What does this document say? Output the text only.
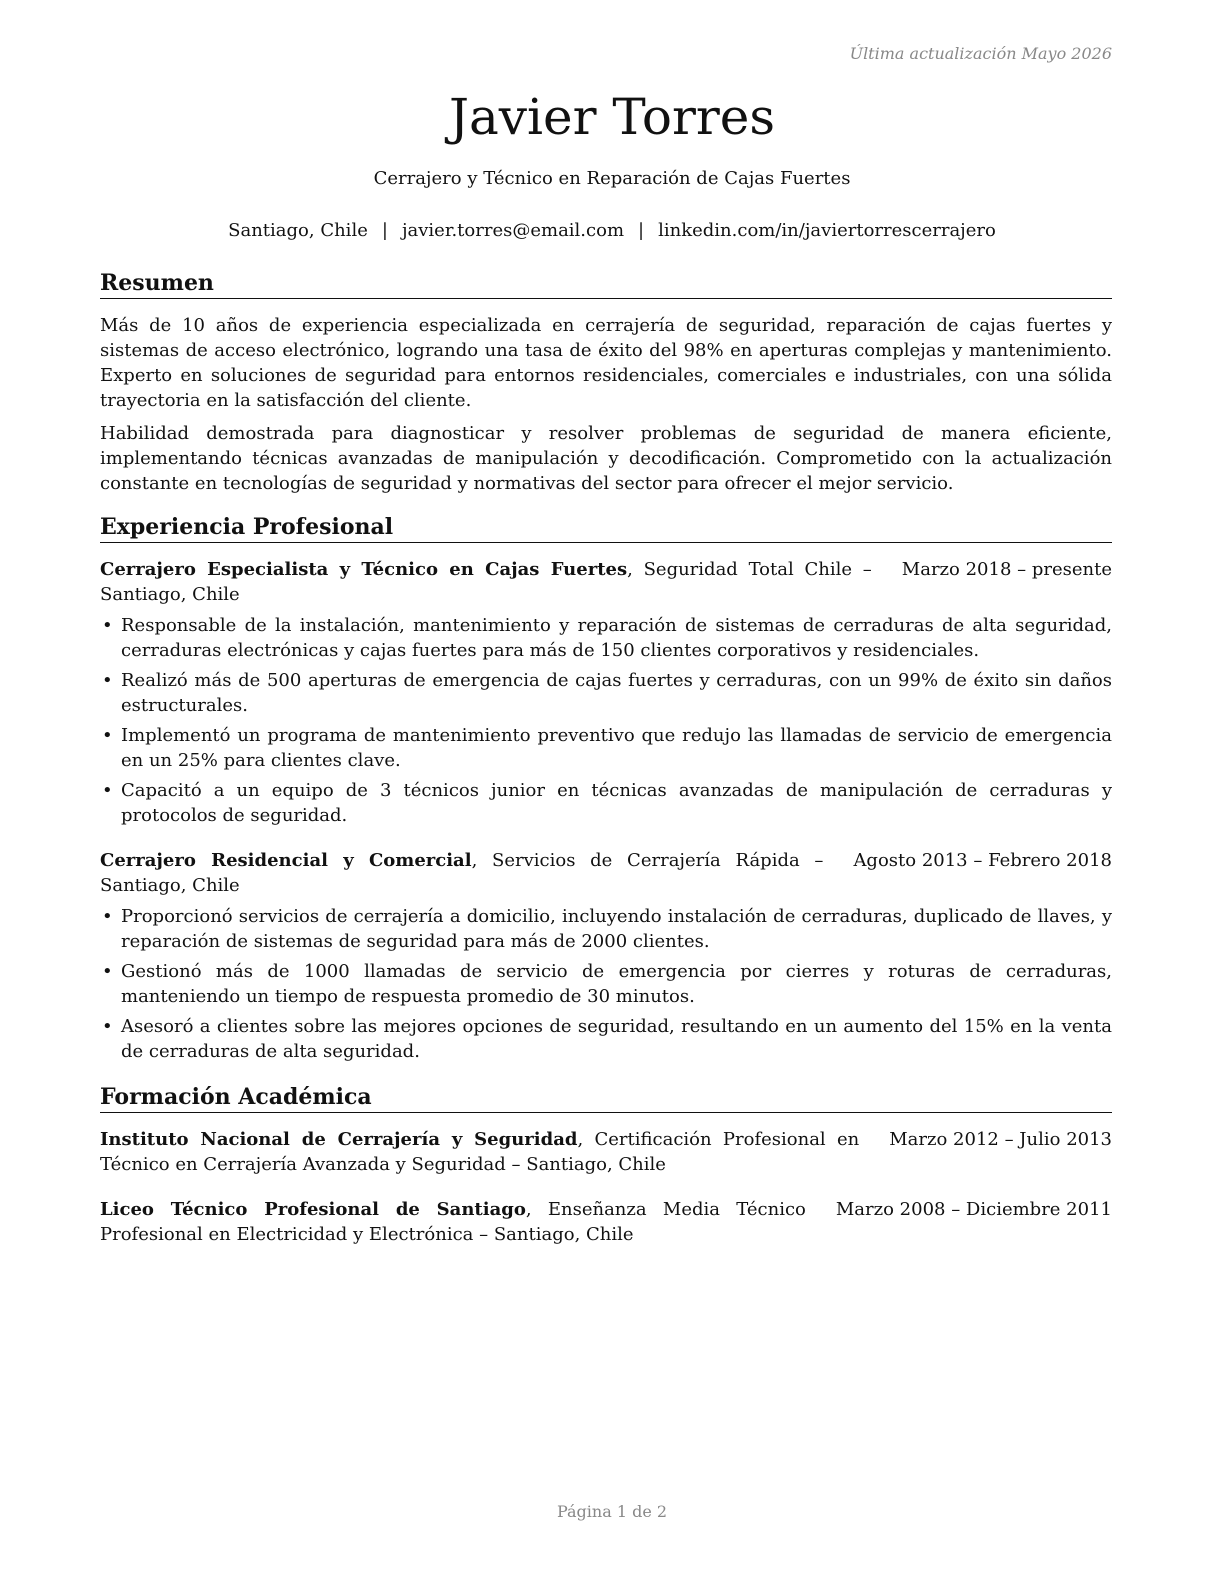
Última actualización Mayo 2026
Javier Torres
Cerrajero y Técnico en Reparación de Cajas Fuertes
Santiago, Chile | javier.torres@email.com | linkedin.com/in/javiertorrescerrajero
Resumen

Más de 10 años de experiencia especializada en cerrajería de seguridad, reparación de cajas fuertes y sistemas de acceso electrónico, logrando una tasa de éxito del 98% en aperturas complejas y mantenimiento. Experto en soluciones de seguridad para entornos residenciales, comerciales e industriales, con una sólida trayectoria en la satisfacción del cliente.

Habilidad demostrada para diagnosticar y resolver problemas de seguridad de manera eficiente, implementando técnicas avanzadas de manipulación y decodificación. Comprometido con la actualización constante en tecnologías de seguridad y normativas del sector para ofrecer el mejor servicio.

Experiencia Profesional
Cerrajero Especialista y Técnico en Cajas Fuertes, Seguridad Total Chile – Santiago, Chile
Marzo 2018 – presente
• Responsable de la instalación, mantenimiento y reparación de sistemas de cerraduras de alta seguridad, cerraduras electrónicas y cajas fuertes para más de 150 clientes corporativos y residenciales.
• Realizó más de 500 aperturas de emergencia de cajas fuertes y cerraduras, con un 99% de éxito sin daños estructurales.
• Implementó un programa de mantenimiento preventivo que redujo las llamadas de servicio de emergencia en un 25% para clientes clave.
• Capacitó a un equipo de 3 técnicos junior en técnicas avanzadas de manipulación de cerraduras y protocolos de seguridad.
Cerrajero Residencial y Comercial, Servicios de Cerrajería Rápida – Santiago, Chile
Agosto 2013 – Febrero 2018
• Proporcionó servicios de cerrajería a domicilio, incluyendo instalación de cerraduras, duplicado de llaves, y reparación de sistemas de seguridad para más de 2000 clientes.
• Gestionó más de 1000 llamadas de servicio de emergencia por cierres y roturas de cerraduras, manteniendo un tiempo de respuesta promedio de 30 minutos.
• Asesoró a clientes sobre las mejores opciones de seguridad, resultando en un aumento del 15% en la venta de cerraduras de alta seguridad.
Formación Académica
Instituto Nacional de Cerrajería y Seguridad, Certificación Profesional en Técnico en Cerrajería Avanzada y Seguridad – Santiago, Chile
Marzo 2012 – Julio 2013
Liceo Técnico Profesional de Santiago, Enseñanza Media Técnico Profesional en Electricidad y Electrónica – Santiago, Chile
Marzo 2008 – Diciembre 2011
Página 1 de 2
